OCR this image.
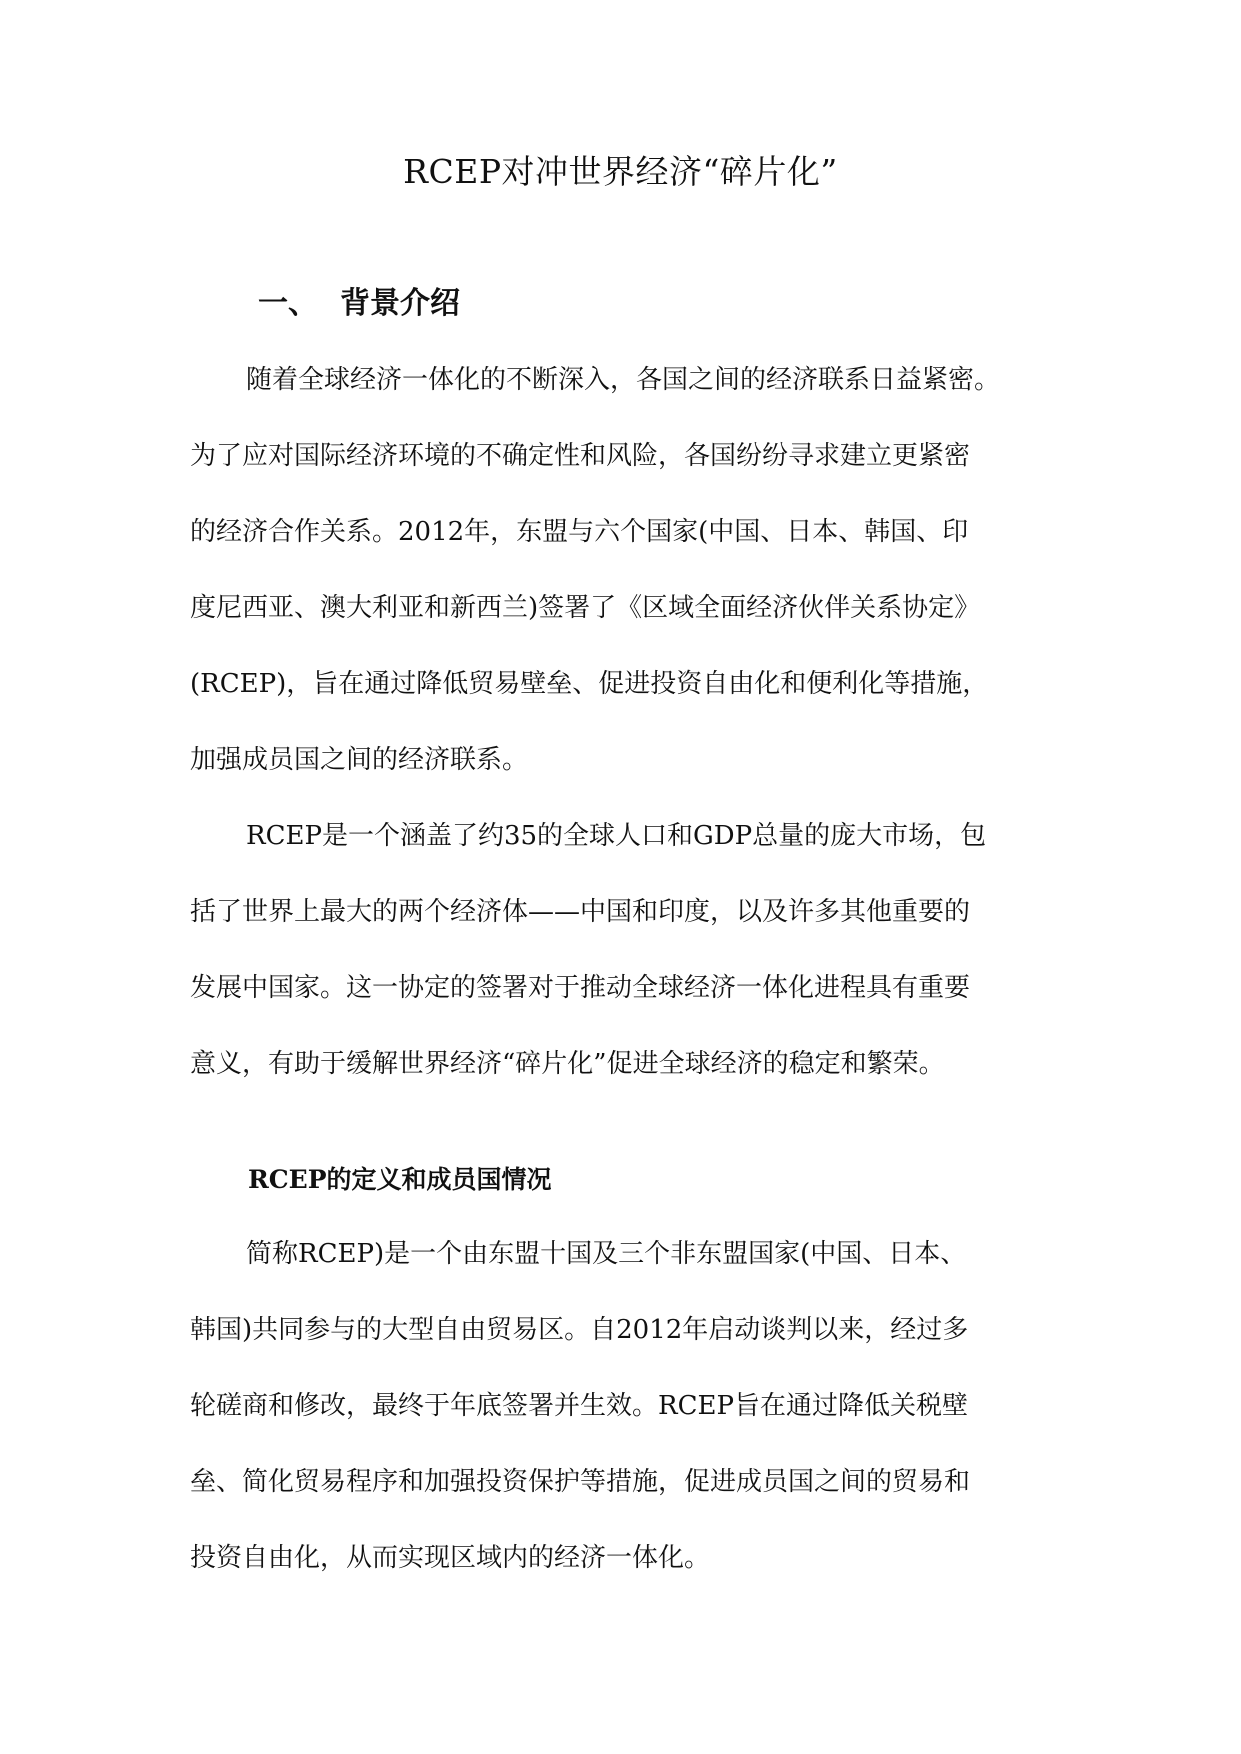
RCEP对冲世界经济“碎片化”
一、 背景介绍
随着全球经济一体化的不断深入，各国之间的经济联系日益紧密。
为了应对国际经济环境的不确定性和风险，各国纷纷寻求建立更紧密
的经济合作关系。2012年，东盟与六个国家(中国、日本、韩国、印
度尼西亚、澳大利亚和新西兰)签署了《区域全面经济伙伴关系协定》
(RCEP)，旨在通过降低贸易壁垒、促进投资自由化和便利化等措施，
加强成员国之间的经济联系。
RCEP是一个涵盖了约35的全球人口和GDP总量的庞大市场，包
括了世界上最大的两个经济体——中国和印度，以及许多其他重要的
发展中国家。这一协定的签署对于推动全球经济一体化进程具有重要
意义，有助于缓解世界经济“碎片化”促进全球经济的稳定和繁荣。
RCEP的定义和成员国情况
简称RCEP)是一个由东盟十国及三个非东盟国家(中国、日本、
韩国)共同参与的大型自由贸易区。自2012年启动谈判以来，经过多
轮磋商和修改，最终于年底签署并生效。RCEP旨在通过降低关税壁
垒、简化贸易程序和加强投资保护等措施，促进成员国之间的贸易和
投资自由化，从而实现区域内的经济一体化。
